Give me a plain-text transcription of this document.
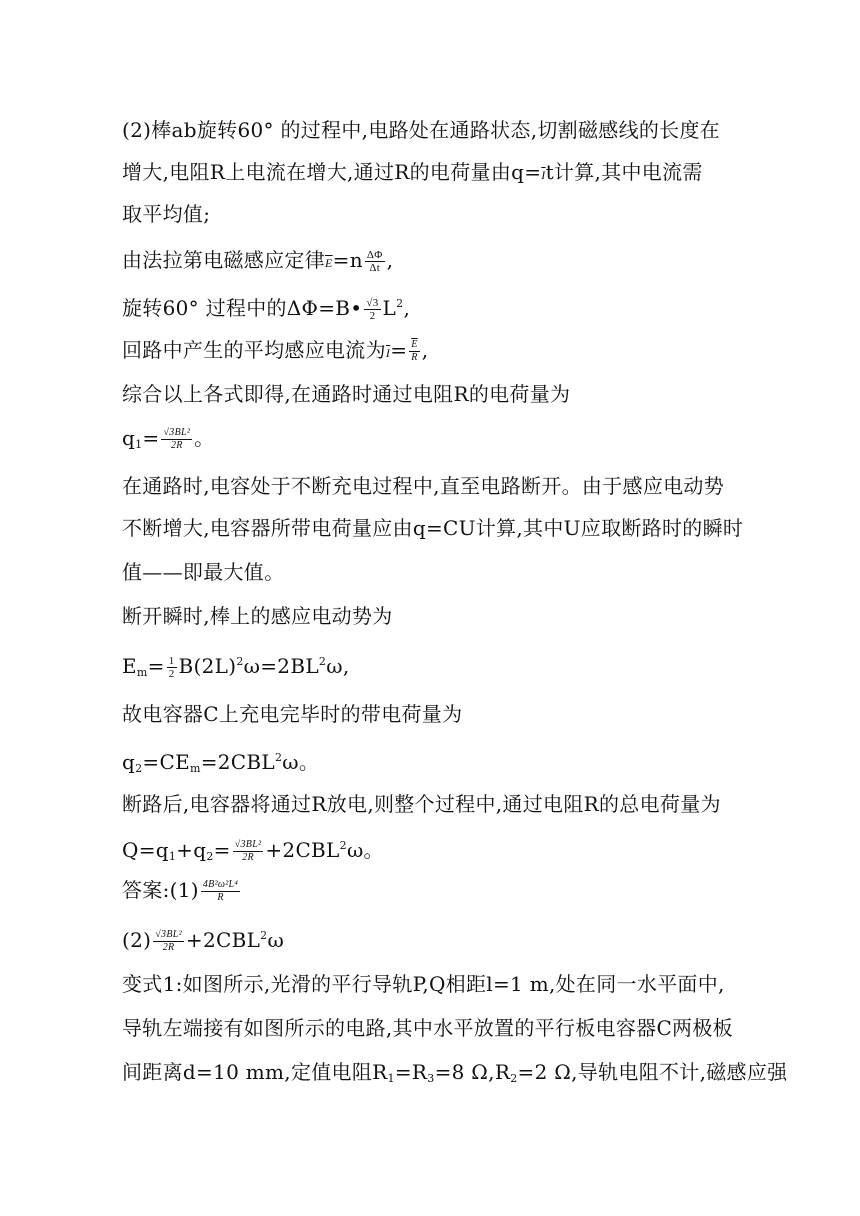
(2)棒ab旋转60° 的过程中,电路处在通路状态,切割磁感线的长度在
增大,电阻R上电流在增大,通过R的电荷量由$q=\overline{I}t$计算,其中电流需
取平均值;
由法拉第电磁感应定律$\overline{E}=n \frac{\Delta\Phi}{\Delta t}$ ,
旋转60° 过程中的ΔΦ=B• $\frac{√3}{2} L^2$,
回路中产生的平均感应电流为$\overline{I}= \frac{\overline{E}}{R}$ ,
综合以上各式即得,在通路时通过电阻R的电荷量为
$q_1= \frac{\text{√3BL²}}{2R}$ 。
在通路时,电容处于不断充电过程中,直至电路断开。由于感应电动势
不断增大,电容器所带电荷量应由q=CU计算,其中U应取断路时的瞬时
值——即最大值。
断开瞬时,棒上的感应电动势为
$E_m= \frac{1}{2} B(2L)^2\omega=2BL^2\omega$,
故电容器C上充电完毕时的带电荷量为
$q_2=CE_m=2CBL^2\omega$。
断路后,电容器将通过R放电,则整个过程中,通过电阻R的总电荷量为
$Q=q_1+q_2= \frac{\text{√3BL²}}{2R} +2CBL^2\omega$。
答案:(1) $\frac{\text{4B²ω²L⁴}}{R}$
$(2) \frac{\text{√3BL²}}{2R} +2CBL^2\omega$
变式1:如图所示,光滑的平行导轨P,Q相距l=1 m,处在同一水平面中,
导轨左端接有如图所示的电路,其中水平放置的平行板电容器C两极板
间距离d=10 mm,定值电阻$R_1=R_3=8$ $\Omega,R_2=2$ Ω,导轨电阻不计,磁感应强
